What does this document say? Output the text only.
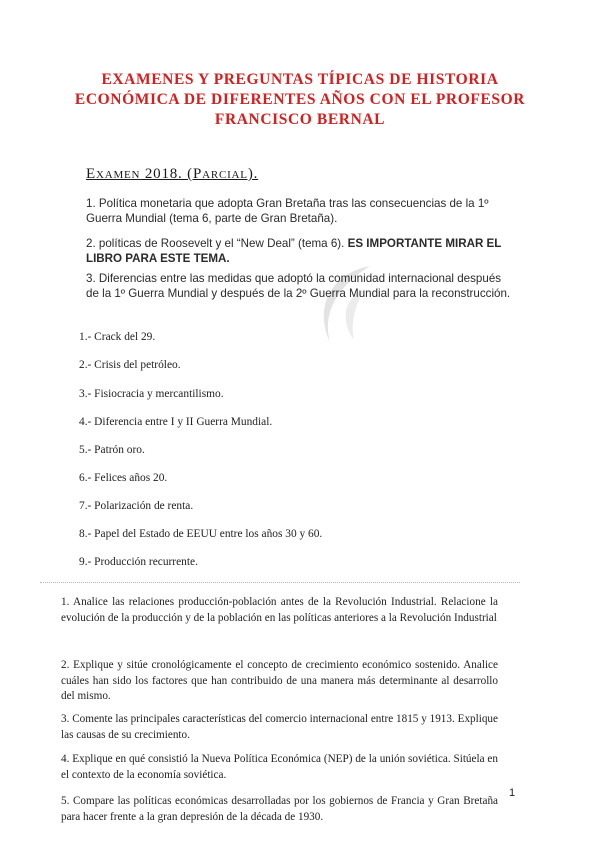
EXAMENES Y PREGUNTAS TÍPICAS DE HISTORIA
ECONÓMICA DE DIFERENTES AÑOS CON EL PROFESOR
FRANCISCO BERNAL
Examen 2018. (Parcial).
1. Política monetaria que adopta Gran Bretaña tras las consecuencias de la 1º Guerra Mundial (tema 6, parte de Gran Bretaña).
2. políticas de Roosevelt y el “New Deal” (tema 6). ES IMPORTANTE MIRAR EL LIBRO PARA ESTE TEMA.
3. Diferencias entre las medidas que adoptó la comunidad internacional después de la 1º Guerra Mundial y después de la 2º Guerra Mundial para la reconstrucción.
1.- Crack del 29.
2.- Crisis del petróleo.
3.- Fisiocracia y mercantilismo.
4.- Diferencia entre I y II Guerra Mundial.
5.- Patrón oro.
6.- Felices años 20.
7.- Polarización de renta.
8.- Papel del Estado de EEUU entre los años 30 y 60.
9.- Producción recurrente.
1. Analice las relaciones producción-población antes de la Revolución Industrial. Relacione la evolución de la producción y de la población en las políticas anteriores a la Revolución Industrial
2. Explique y sitúe cronológicamente el concepto de crecimiento económico sostenido. Analice cuáles han sido los factores que han contribuido de una manera más determinante al desarrollo del mismo.
3. Comente las principales características del comercio internacional entre 1815 y 1913. Explique las causas de su crecimiento.
4. Explique en qué consistió la Nueva Política Económica (NEP) de la unión soviética. Sitúela en el contexto de la economía soviética.
5. Compare las políticas económicas desarrolladas por los gobiernos de Francia y Gran Bretaña para hacer frente a la gran depresión de la década de 1930.
1
